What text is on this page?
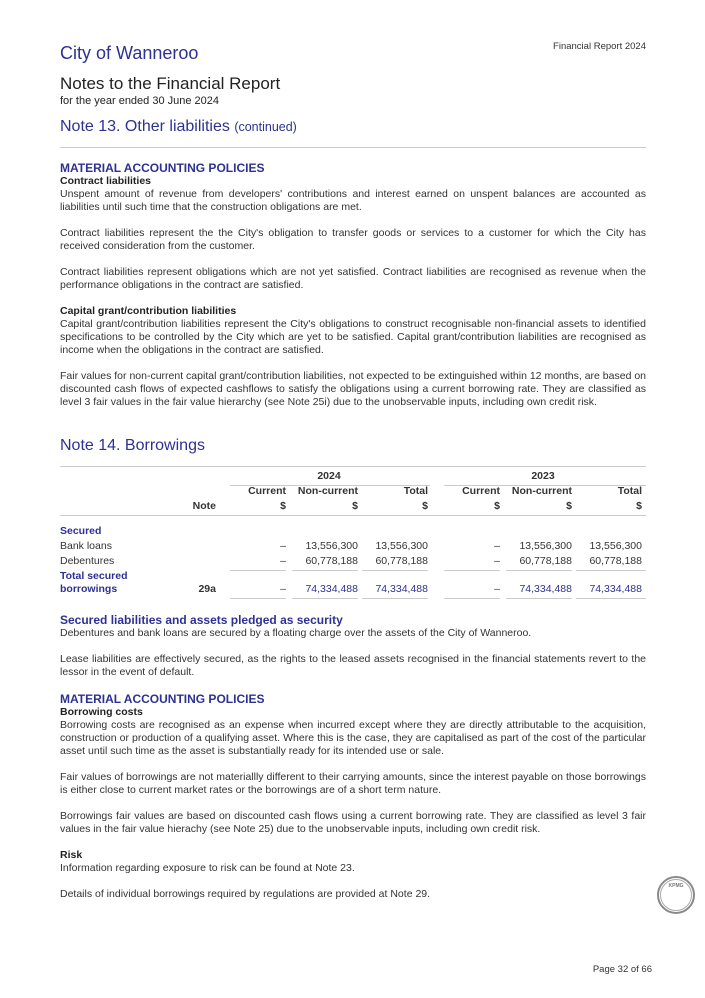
Financial Report 2024
City of Wanneroo
Notes to the Financial Report
for the year ended 30 June 2024
Note 13. Other liabilities (continued)
MATERIAL ACCOUNTING POLICIES
Contract liabilities

Unspent amount of revenue from developers' contributions and interest earned on unspent balances are accounted as liabilities until such time that the construction obligations are met.

Contract liabilities represent the the City's obligation to transfer goods or services to a customer for which the City has received consideration from the customer.

Contract liabilities represent obligations which are not yet satisfied. Contract liabilities are recognised as revenue when the performance obligations in the contract are satisfied.

Capital grant/contribution liabilities

Capital grant/contribution liabilities represent the City's obligations to construct recognisable non-financial assets to identified specifications to be controlled by the City which are yet to be satisfied. Capital grant/contribution liabilities are recognised as income when the obligations in the contract are satisfied.

Fair values for non-current capital grant/contribution liabilities, not expected to be extinguished within 12 months, are based on discounted cash flows of expected cashflows to satisfy the obligations using a current borrowing rate. They are classified as level 3 fair values in the fair value hierarchy (see Note 25i) due to the unobservable inputs, including own credit risk.

Note 14. Borrowings
2024	2023
Current	Non-current	Total	Current	Non-current	Total
Note	$	$	$	$	$	$
Secured
Bank loans	–	13,556,300	13,556,300	–	13,556,300	13,556,300
Debentures	–	60,778,188	60,778,188	–	60,778,188	60,778,188
Total secured
borrowings	29a	–	74,334,488	74,334,488	–	74,334,488	74,334,488
Secured liabilities and assets pledged as security

Debentures and bank loans are secured by a floating charge over the assets of the City of Wanneroo.

Lease liabilities are effectively secured, as the rights to the leased assets recognised in the financial statements revert to the lessor in the event of default.

MATERIAL ACCOUNTING POLICIES
Borrowing costs

Borrowing costs are recognised as an expense when incurred except where they are directly attributable to the acquisition, construction or production of a qualifying asset. Where this is the case, they are capitalised as part of the cost of the particular asset until such time as the asset is substantially ready for its intended use or sale.

Fair values of borrowings are not materiallly different to their carrying amounts, since the interest payable on those borrowings is either close to current market rates or the borrowings are of a short term nature.

Borrowings fair values are based on discounted cash flows using a current borrowing rate. They are classified as level 3 fair values in the fair value hierachy (see Note 25) due to the unobservable inputs, including own credit risk.

Risk

Information regarding exposure to risk can be found at Note 23.

Details of individual borrowings required by regulations are provided at Note 29.

KPMG
Page 32 of 66
